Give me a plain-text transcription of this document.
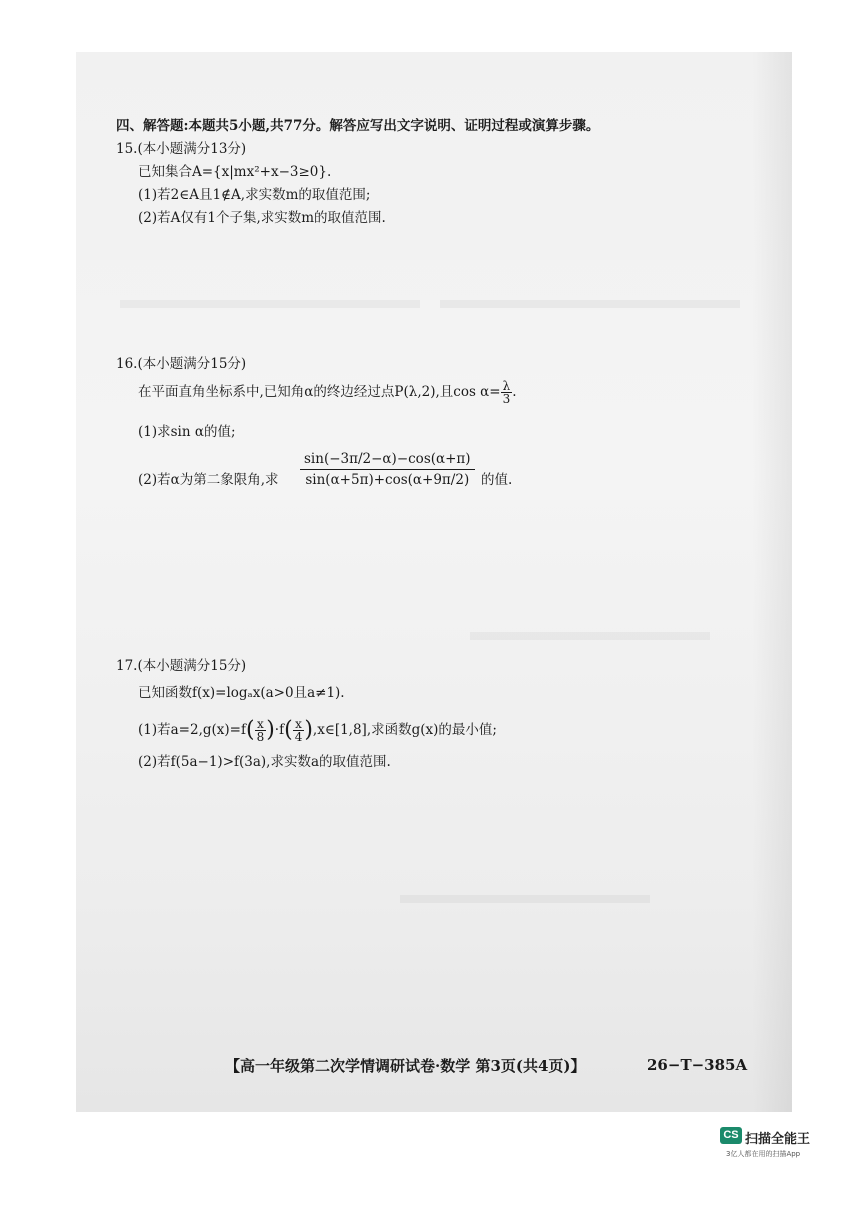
四、解答题:本题共5小题,共77分。解答应写出文字说明、证明过程或演算步骤。
15.(本小题满分13分)
已知集合A={x|mx²+x−3≥0}.
(1)若2∈A且1∉A,求实数m的取值范围;
(2)若A仅有1个子集,求实数m的取值范围.
16.(本小题满分15分)
在平面直角坐标系中,已知角α的终边经过点P(λ,2),且$\cos \alpha= \frac{\lambda}{3}$ .
(1)求sin α的值;
(2)若α为第二象限角,求 $\frac{\sin(-3\pi/2-\alpha)-\cos(\alpha+\pi)}{\sin(\alpha+5\pi)+\cos(\alpha+9\pi/2)}$ 的值.
17.(本小题满分15分)
已知函数f(x)=logₐx(a>0且a≠1).
(1)若$a=2,g(x)=f( \frac{x}{8} )\cdot f( \frac{x}{4}$ ),x∈[1,8],求函数g(x)的最小值;
(2)若f(5a−1)>f(3a),求实数a的取值范围.
【高一年级第二次学情调研试卷·数学 第3页(共4页)】	26−T−385A
CS 扫描全能王
3亿人都在用的扫描App
